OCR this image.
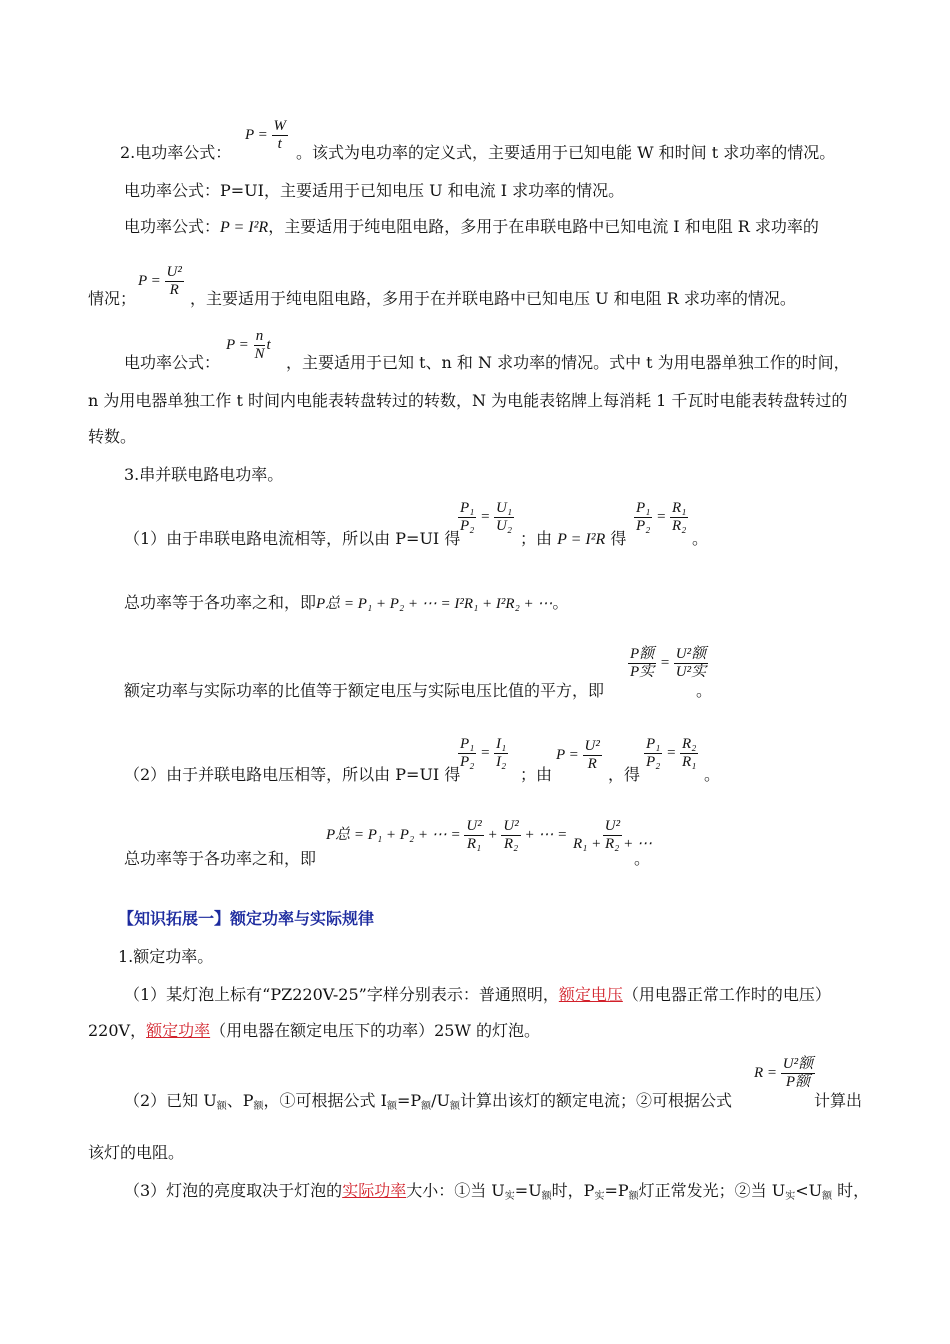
2.电功率公式：
$P = \frac{W}{t}$ 。该式为电功率的定义式，主要适用于已知电能 W 和时间 t 求功率的情况。
电功率公式：P=UI，主要适用于已知电压 U 和电流 I 求功率的情况。
电功率公式：P = I²R，主要适用于纯电阻电路，多用于在串联电路中已知电流 I 和电阻 R 求功率的
情况；
$P = \frac{\text{U²}}{R}$ ，主要适用于纯电阻电路，多用于在并联电路中已知电压 U 和电阻 R 求功率的情况。
电功率公式：
$P = \frac{n}{N}$ t
，主要适用于已知 t、n 和 N 求功率的情况。式中 t 为用电器单独工作的时间，
n 为用电器单独工作 t 时间内电能表转盘转过的转数，N 为电能表铭牌上每消耗 1 千瓦时电能表转盘转过的
转数。
3.串并联电路电功率。
（1）由于串联电路电流相等，所以由 P=UI 得
$\frac{\text{P₁}}{\text{P₂}} = \frac{\text{U₁}}{\text{U₂}}$
；由 P = I²R 得
$\frac{\text{P₁}}{\text{P₂}} = \frac{\text{R₁}}{\text{R₂}}$
。
总功率等于各功率之和，即P总 = P₁ + P₂ + ⋯ = I²R₁ + I²R₂ + ⋯。
额定功率与实际功率的比值等于额定电压与实际电压比值的平方，即
$\frac{\text{P额}}{\text{P实}} = \frac{\text{U²额}}{\text{U²实}}$
。
（2）由于并联电路电压相等，所以由 P=UI 得
$\frac{\text{P₁}}{\text{P₂}} = \frac{\text{I₁}}{\text{I₂}}$
；由
$P = \frac{\text{U²}}{R}$
，得
$\frac{\text{P₁}}{\text{P₂}} = \frac{\text{R₂}}{\text{R₁}}$
。
总功率等于各功率之和，即
P总 = P₁ + P₂ + ⋯ = $\frac{\text{U²}}{\text{R₁}} + \frac{\text{U²}}{\text{R₂}}$ + ⋯ = $\frac{\text{U²}}{\text{R₁ + R₂ + ⋯}}$
。
【知识拓展一】额定功率与实际规律
1.额定功率。
（1）某灯泡上标有“PZ220V-25”字样分别表示：普通照明，额定电压（用电器正常工作时的电压）
220V，额定功率（用电器在额定电压下的功率）25W 的灯泡。
（2）已知 U额、P额，①可根据公式 I额=P额/U额计算出该灯的额定电流；②可根据公式
$R = \frac{\text{U²额}}{\text{P额}}$
计算出
该灯的电阻。
（3）灯泡的亮度取决于灯泡的实际功率大小：①当 U实=U额时，P实=P额灯正常发光；②当 U实<U额 时，
